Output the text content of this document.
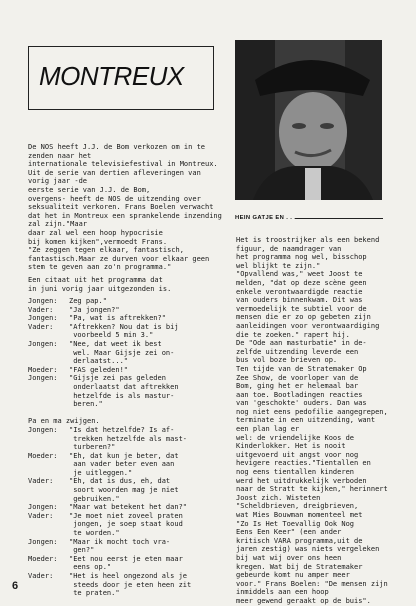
MONTREUX
HEIN GATJE EN . . .
De NOS heeft J.J. de Bom verkozen om in te zenden naar het
internationale televisiefestival in Montreux.
Uit de serie van dertien afleveringen van vorig jaar -de
eerste serie van J.J. de Bom,
overgens- heeft de NOS de uitzending over seksualiteit verkoren. Frans Boelen verwacht
dat het in Montreux een sprankelende inzending zal zijn."Maar
daar zal wel een hoop hypocrisie
bij komen kijken",vermoedt Frans.
"Ze zeggen tegen elkaar, fantastisch, fantastisch.Maar ze durven voor elkaar geen stem te geven aan zo'n programma."
Een citaat uit het programma dat
in juni vorig jaar uitgezonden is.
Jongen:	Zeg pap."
Vader:	"Ja jongen?"
Jongen:	"Pa, wat is aftrekken?"
Vader:	"Aftrekken? Nou dat is bij
voorbeeld 5 min 3."
Jongen:	"Nee, dat weet ik best
wel. Maar Gijsje zei on-
derlaatst..."
Moeder:	"FAS geleden!"
Jongen:	"Gijsje zei pas geleden
onderlaatst dat aftrekken
hetzelfde is als mastur-
beren."
Pa en ma zwijgen.
Jongen:	"Is dat hetzelfde? Is af-
trekken hetzelfde als mast-
turberen?"
Moeder:	"Eh, dat kun je beter, dat
aan vader beter even aan
je uitleggen."
Vader:	"Eh, dat is dus, eh, dat
soort woorden mag je niet
gebruiken."
Jongen:	"Maar wat betekent het dan?"
Vader:	"Je moet niet zoveel praten
jongen, je soep staat koud
te worden."
Jongen:	"Maar ik mocht toch vra-
gen?"
Moeder:	"Eet nou eerst je eten maar
eens op."
Vader:	"Het is heel ongezond als je
steeds door je eten heen zit
te praten."
Het is troostrijker als een bekend figuur, de naamdrager van
het programma nog wel, bisschop
wel blijkt te zijn."
"Opvallend was," weet Joost te
melden, "dat op deze scène geen
enkele verontwaardigde reactie
van ouders binnenkwam. Dit was
vermoedelijk te subtiel voor de
mensen die er zo op gebeten zijn
aanleidingen voor verontwaardiging
die te zoeken." rapert hij.
De "Ode aan masturbatie" in de-
zelfde uitzending leverde een
bus vol boze brieven op.
Ten tijde van de Stratemaker Op
Zee Show, de voorloper van de
Bom, ging het er helemaal bar
aan toe. Bootladingen reacties
van 'geschokte' ouders. Dan was
nog niet eens pedofilie aangegrepen, terminate in een uitzending, want een plan lag er
wel: de vriendelijke Koos de
Kinderlokker. Het is nooit uitgevoerd uit angst voor nog hevigere reacties."Tientallen en
nog eens tientallen kinderen
werd het uitdrukkelijk verboden
naar de Stratt te kijken," herinnert Joost zich. Wisteten
"Scheldbrieven, dreigbrieven,
wat Mies Bouwman momenteel met
"Zo Is Het Toevallig Ook Nog
Eens Een Keer" (een ander
kritisch VARA programma,uit de
jaren zestig) was niets vergeleken bij wat wij over ons heen
kregen. Wat bij de Stratemaker
gebeurde komt nu amper meer
voor." Frans Boelen: "De mensen zijn inmiddels aan een hoop
meer gewend geraakt op de buis".
6
